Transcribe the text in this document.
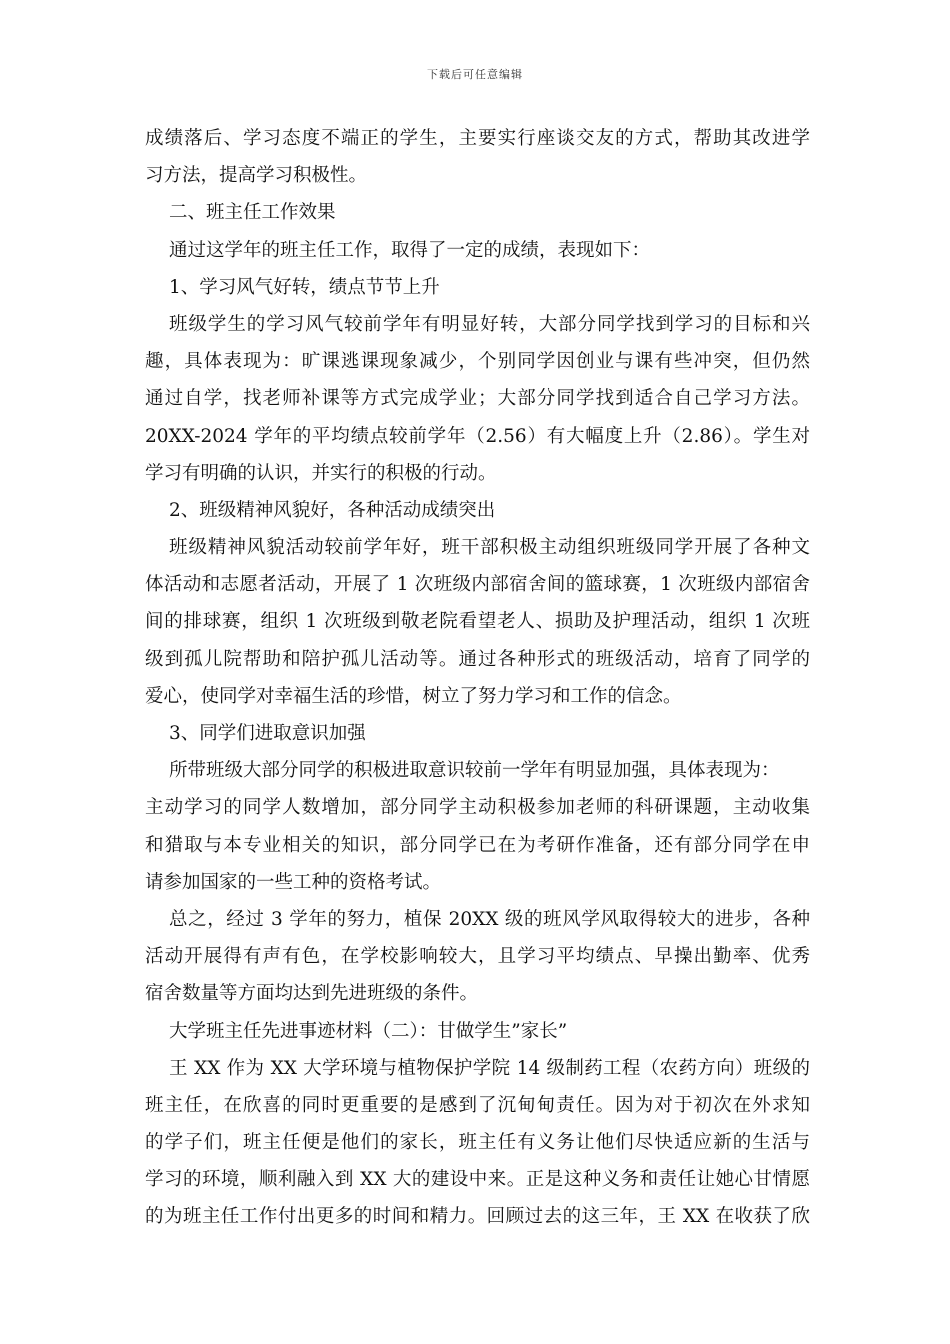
下载后可任意编辑
成绩落后、学习态度不端正的学生，主要实行座谈交友的方式，帮助其改进学
习方法，提高学习积极性。
二、班主任工作效果
通过这学年的班主任工作，取得了一定的成绩，表现如下：
1、学习风气好转，绩点节节上升
班级学生的学习风气较前学年有明显好转，大部分同学找到学习的目标和兴
趣，具体表现为：旷课逃课现象减少，个别同学因创业与课有些冲突，但仍然
通过自学，找老师补课等方式完成学业；大部分同学找到适合自己学习方法。
20XX-2024 学年的平均绩点较前学年（2.56）有大幅度上升（2.86）。学生对
学习有明确的认识，并实行的积极的行动。
2、班级精神风貌好，各种活动成绩突出
班级精神风貌活动较前学年好，班干部积极主动组织班级同学开展了各种文
体活动和志愿者活动，开展了 1 次班级内部宿舍间的篮球赛，1 次班级内部宿舍
间的排球赛，组织 1 次班级到敬老院看望老人、损助及护理活动，组织 1 次班
级到孤儿院帮助和陪护孤儿活动等。通过各种形式的班级活动，培育了同学的
爱心，使同学对幸福生活的珍惜，树立了努力学习和工作的信念。
3、同学们进取意识加强
所带班级大部分同学的积极进取意识较前一学年有明显加强，具体表现为：
主动学习的同学人数增加，部分同学主动积极参加老师的科研课题，主动收集
和猎取与本专业相关的知识，部分同学已在为考研作准备，还有部分同学在申
请参加国家的一些工种的资格考试。
总之，经过 3 学年的努力，植保 20XX 级的班风学风取得较大的进步，各种
活动开展得有声有色，在学校影响较大，且学习平均绩点、早操出勤率、优秀
宿舍数量等方面均达到先进班级的条件。
大学班主任先进事迹材料（二）：甘做学生”家长”
王 XX 作为 XX 大学环境与植物保护学院 14 级制药工程（农药方向）班级的
班主任，在欣喜的同时更重要的是感到了沉甸甸责任。因为对于初次在外求知
的学子们，班主任便是他们的家长，班主任有义务让他们尽快适应新的生活与
学习的环境，顺利融入到 XX 大的建设中来。正是这种义务和责任让她心甘情愿
的为班主任工作付出更多的时间和精力。回顾过去的这三年，王 XX 在收获了欣
